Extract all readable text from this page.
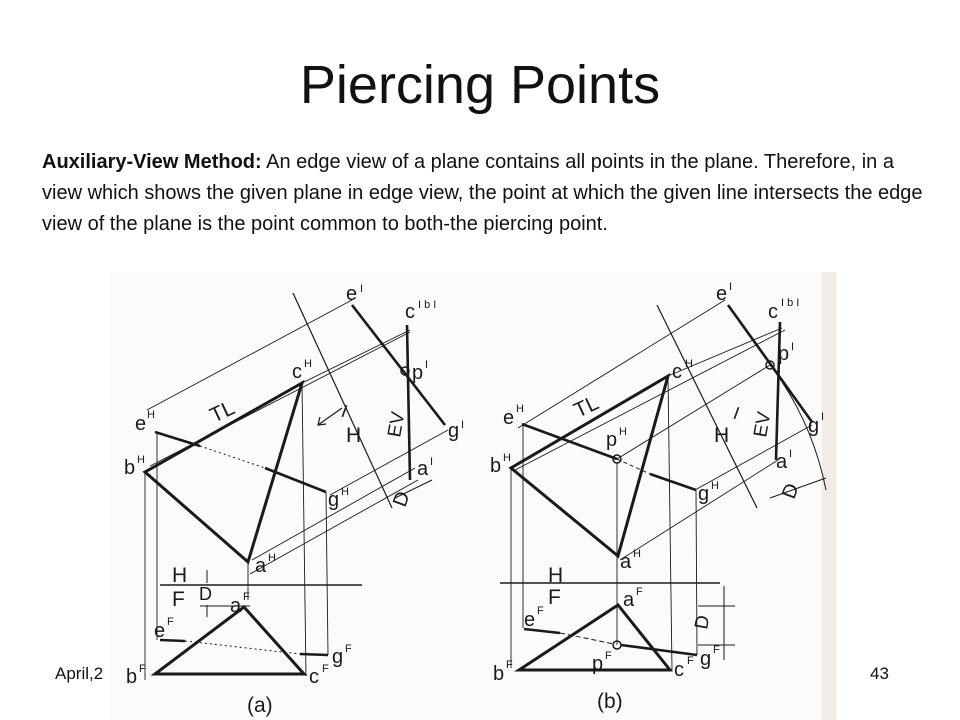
Piercing Points

Auxiliary-View Method: An edge view of a plane contains all points in the plane. Therefore, in a view which shows the given plane in edge view, the point at which the given line intersects the edge view of the plane is the point common to both-the piercing point.

e I
c I b I
p I
g I
a I
c H
e H
b H
g H
a H
TL
H
I EV
D
H
F D
a F
e F
b F	c F
g F
(a)
e I
c I b I
p I
g I
a I
c H
e H
b H
p H
g H
a H
TL
H
I EV
D
H
F
D
a F
e F
b F	p F
c F g F
(b)
April,2	43
